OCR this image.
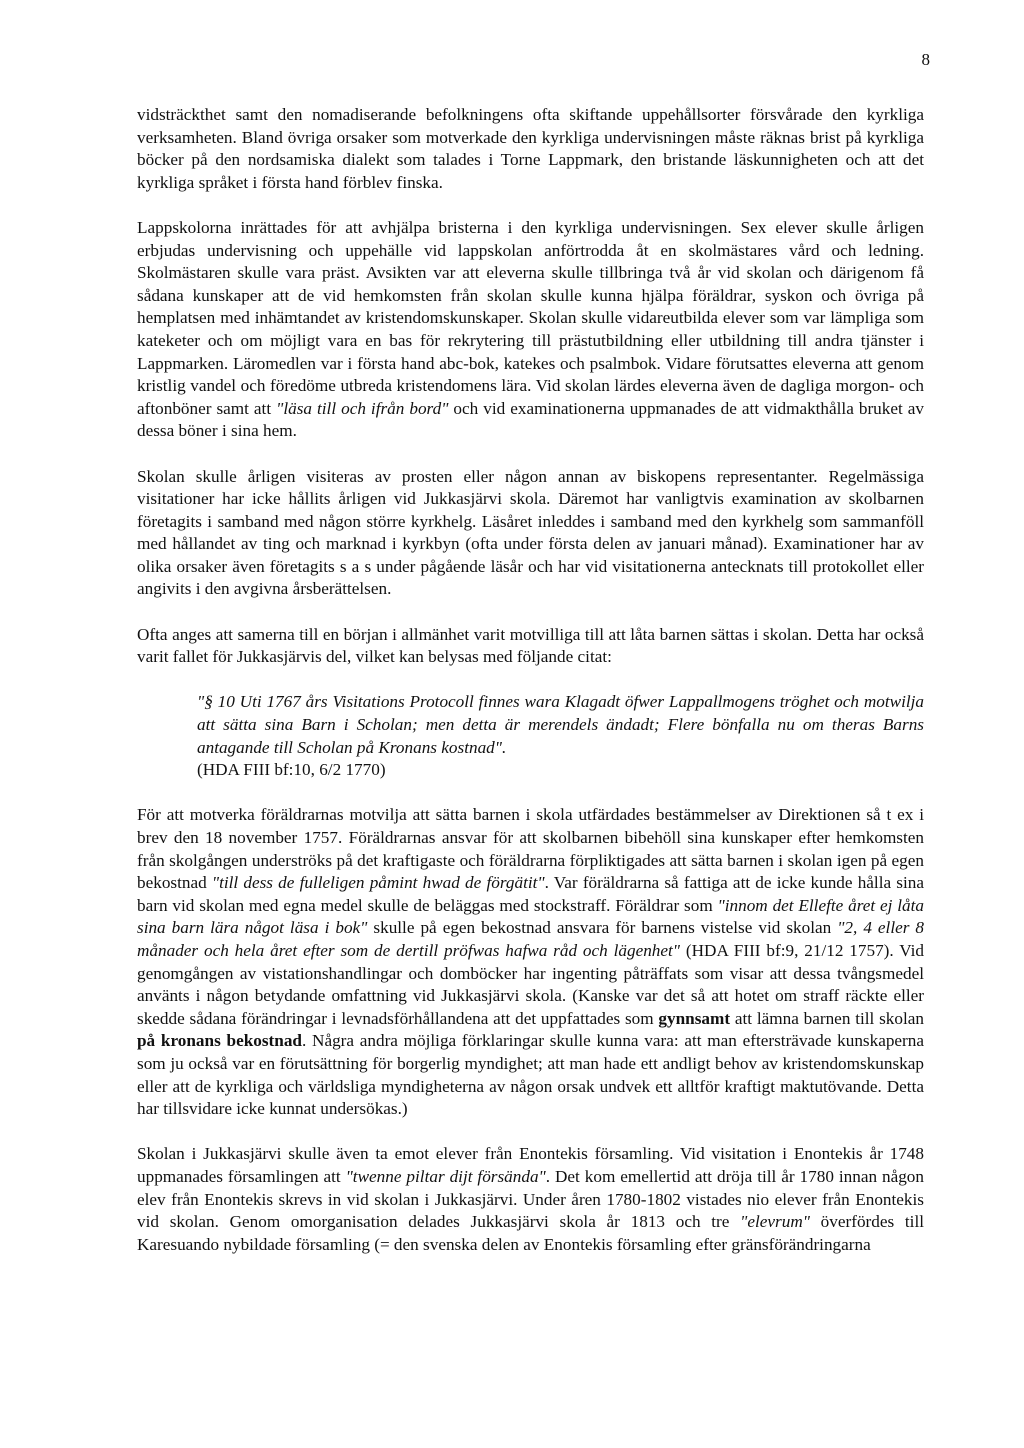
8

vidsträckthet samt den nomadiserande befolkningens ofta skiftande uppehållsorter försvårade den kyrkliga verksamheten. Bland övriga orsaker som motverkade den kyrkliga undervisningen måste räknas brist på kyrkliga böcker på den nordsamiska dialekt som talades i Torne Lappmark, den bristande läskunnigheten och att det kyrkliga språket i första hand förblev finska.

Lappskolorna inrättades för att avhjälpa bristerna i den kyrkliga undervisningen. Sex elever skulle årligen erbjudas undervisning och uppehälle vid lappskolan anförtrodda åt en skolmästares vård och ledning. Skolmästaren skulle vara präst. Avsikten var att eleverna skulle tillbringa två år vid skolan och därigenom få sådana kunskaper att de vid hemkomsten från skolan skulle kunna hjälpa föräldrar, syskon och övriga på hemplatsen med inhämtandet av kristendomskunskaper. Skolan skulle vidareutbilda elever som var lämpliga som kateketer och om möjligt vara en bas för rekrytering till prästutbildning eller utbildning till andra tjänster i Lappmarken. Läromedlen var i första hand abc-bok, katekes och psalmbok. Vidare förutsattes eleverna att genom kristlig vandel och föredöme utbreda kristendomens lära. Vid skolan lärdes eleverna även de dagliga morgon- och aftonböner samt att "läsa till och ifrån bord" och vid examinationerna uppmanades de att vidmakthålla bruket av dessa böner i sina hem.

Skolan skulle årligen visiteras av prosten eller någon annan av biskopens representanter. Regelmässiga visitationer har icke hållits årligen vid Jukkasjärvi skola. Däremot har vanligtvis examination av skolbarnen företagits i samband med någon större kyrkhelg. Läsåret inleddes i samband med den kyrkhelg som sammanföll med hållandet av ting och marknad i kyrkbyn (ofta under första delen av januari månad). Examinationer har av olika orsaker även företagits s a s under pågående läsår och har vid visitationerna antecknats till protokollet eller angivits i den avgivna årsberättelsen.

Ofta anges att samerna till en början i allmänhet varit motvilliga till att låta barnen sättas i skolan. Detta har också varit fallet för Jukkasjärvis del, vilket kan belysas med följande citat:

"§ 10 Uti 1767 års Visitations Protocoll finnes wara Klagadt öfwer Lappallmogens tröghet och motwilja att sätta sina Barn i Scholan; men detta är merendels ändadt; Flere bönfalla nu om theras Barns antagande till Scholan på Kronans kostnad".
(HDA FIII bf:10, 6/2 1770)

För att motverka föräldrarnas motvilja att sätta barnen i skola utfärdades bestämmelser av Direktionen så t ex i brev den 18 november 1757. Föräldrarnas ansvar för att skolbarnen bibehöll sina kunskaper efter hemkomsten från skolgången underströks på det kraftigaste och föräldrarna förpliktigades att sätta barnen i skolan igen på egen bekostnad "till dess de fulleligen påmint hwad de förgätit". Var föräldrarna så fattiga att de icke kunde hålla sina barn vid skolan med egna medel skulle de beläggas med stockstraff. Föräldrar som "innom det Ellefte året ej låta sina barn lära något läsa i bok" skulle på egen bekostnad ansvara för barnens vistelse vid skolan "2, 4 eller 8 månader och hela året efter som de dertill pröfwas hafwa råd och lägenhet" (HDA FIII bf:9, 21/12 1757). Vid genomgången av vistationshandlingar och domböcker har ingenting påträffats som visar att dessa tvångsmedel använts i någon betydande omfattning vid Jukkasjärvi skola. (Kanske var det så att hotet om straff räckte eller skedde sådana förändringar i levnadsförhållandena att det uppfattades som gynnsamt att lämna barnen till skolan på kronans bekostnad. Några andra möjliga förklaringar skulle kunna vara: att man eftersträvade kunskaperna som ju också var en förutsättning för borgerlig myndighet; att man hade ett andligt behov av kristendomskunskap eller att de kyrkliga och världsliga myndigheterna av någon orsak undvek ett alltför kraftigt maktutövande. Detta har tillsvidare icke kunnat undersökas.)

Skolan i Jukkasjärvi skulle även ta emot elever från Enontekis församling. Vid visitation i Enontekis år 1748 uppmanades församlingen att "twenne piltar dijt försända". Det kom emellertid att dröja till år 1780 innan någon elev från Enontekis skrevs in vid skolan i Jukkasjärvi. Under åren 1780-1802 vistades nio elever från Enontekis vid skolan. Genom omorganisation delades Jukkasjärvi skola år 1813 och tre "elevrum" överfördes till Karesuando nybildade församling (= den svenska delen av Enontekis församling efter gränsförändringarna
